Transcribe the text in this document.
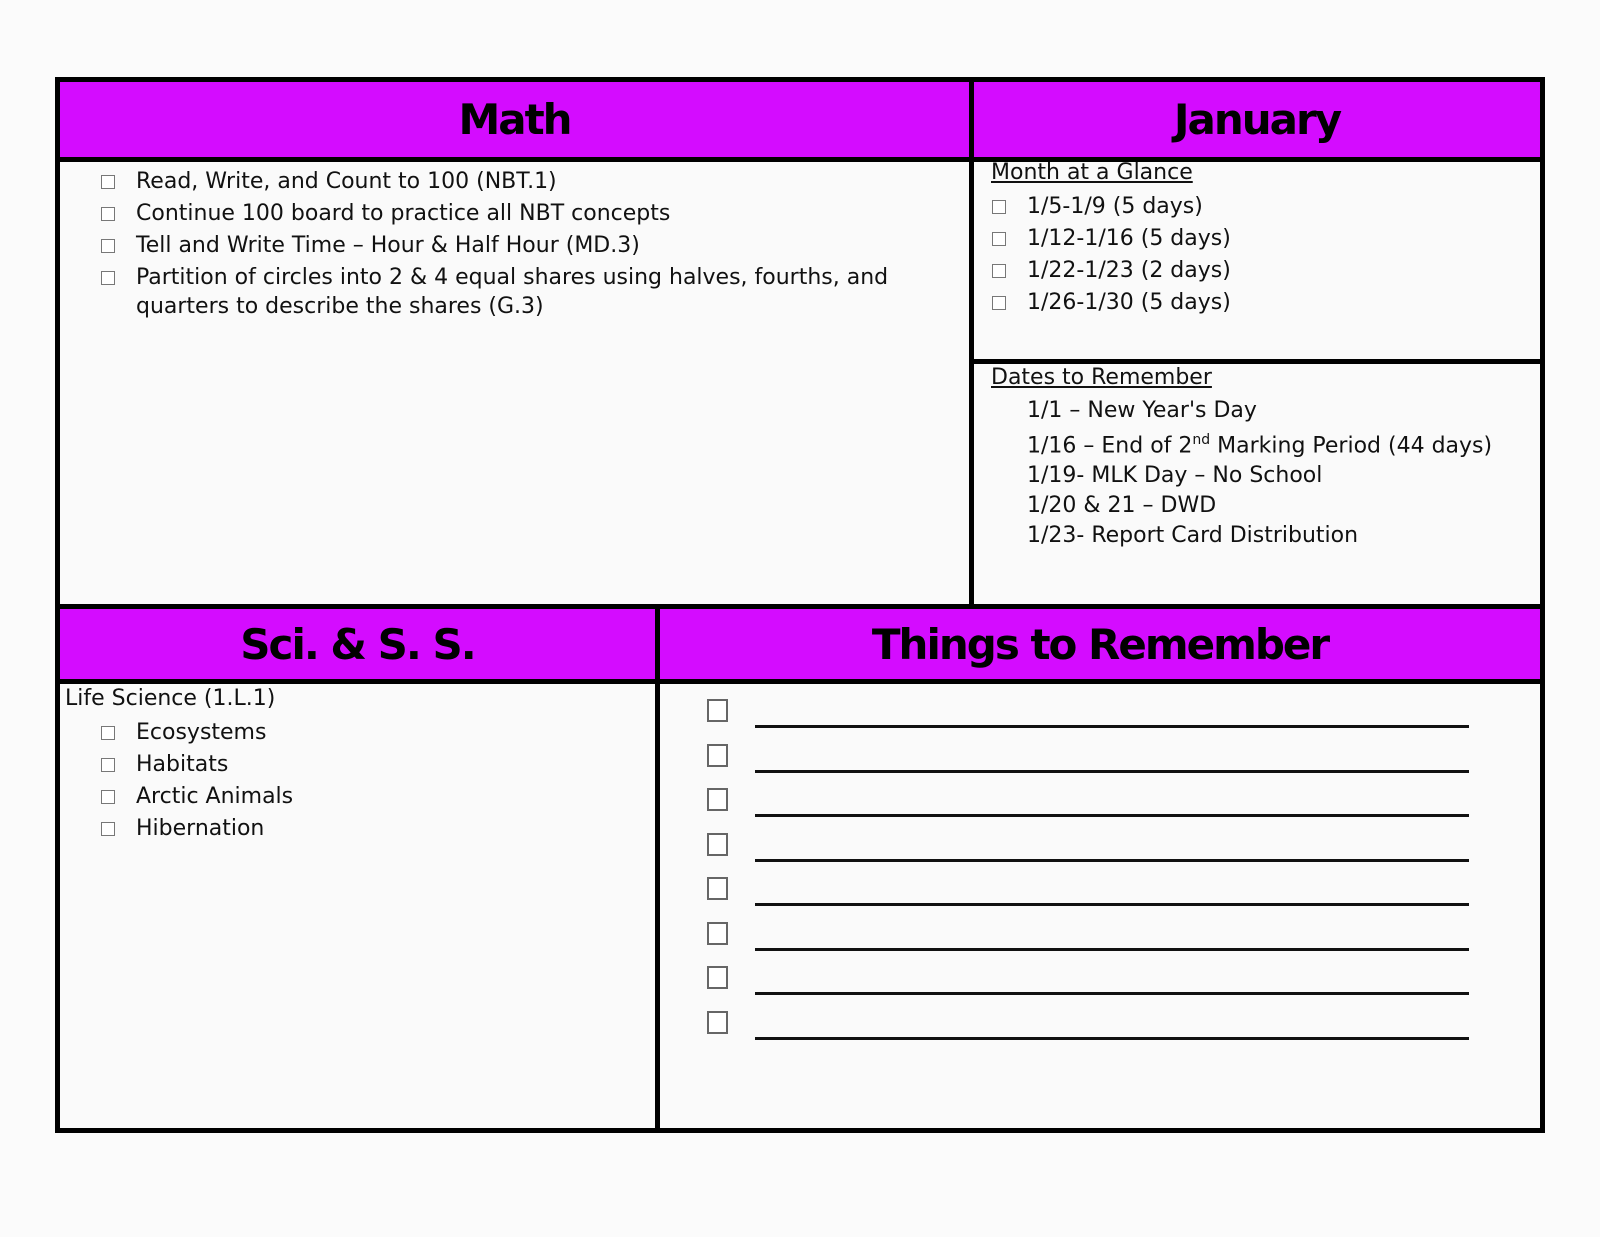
Math	January
Read, Write, and Count to 100 (NBT.1)
Continue 100 board to practice all NBT concepts
Tell and Write Time – Hour & Half Hour (MD.3)
Partition of circles into 2 & 4 equal shares using halves, fourths, and quarters to describe the shares (G.3)
Month at a Glance
1/5-1/9 (5 days)
1/12-1/16 (5 days)
1/22-1/23 (2 days)
1/26-1/30 (5 days)
Dates to Remember
1/1 – New Year's Day
1/16 – End of 2nd Marking Period (44 days)
1/19- MLK Day – No School
1/20 & 21 – DWD
1/23- Report Card Distribution
Sci. & S. S.	Things to Remember
Life Science (1.L.1)
Ecosystems
Habitats
Arctic Animals
Hibernation
